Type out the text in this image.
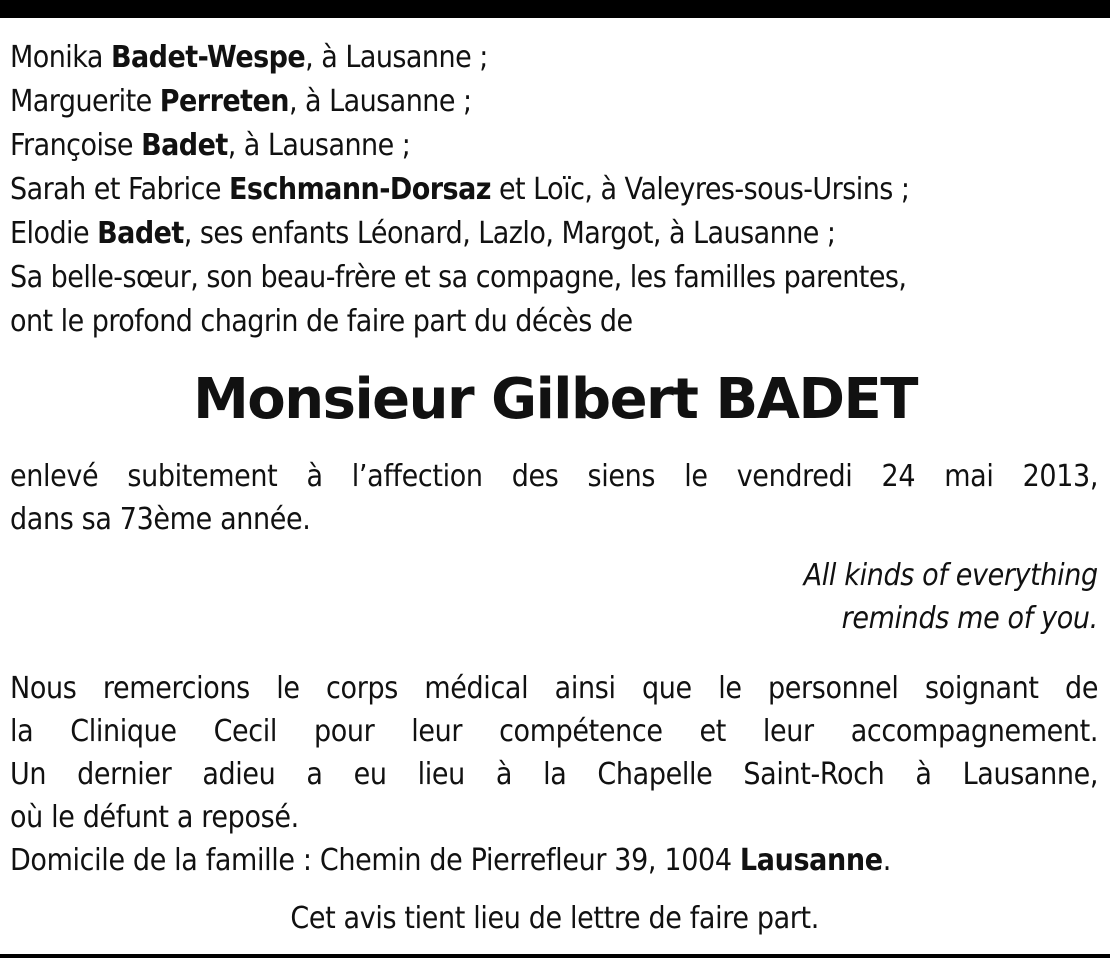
Monika Badet-Wespe, à Lausanne ;
Marguerite Perreten, à Lausanne ;
Françoise Badet, à Lausanne ;
Sarah et Fabrice Eschmann-Dorsaz et Loïc, à Valeyres-sous-Ursins ;
Elodie Badet, ses enfants Léonard, Lazlo, Margot, à Lausanne ;
Sa belle-sœur, son beau-frère et sa compagne, les familles parentes,
ont le profond chagrin de faire part du décès de
Monsieur Gilbert BADET
enlevé subitement à l’affection des siens le vendredi 24 mai 2013,
dans sa 73ème année.
All kinds of everything
reminds me of you.
Nous remercions le corps médical ainsi que le personnel soignant de
la Clinique Cecil pour leur compétence et leur accompagnement.
Un dernier adieu a eu lieu à la Chapelle Saint-Roch à Lausanne,
où le défunt a reposé.
Domicile de la famille : Chemin de Pierrefleur 39, 1004 Lausanne.
Cet avis tient lieu de lettre de faire part.
